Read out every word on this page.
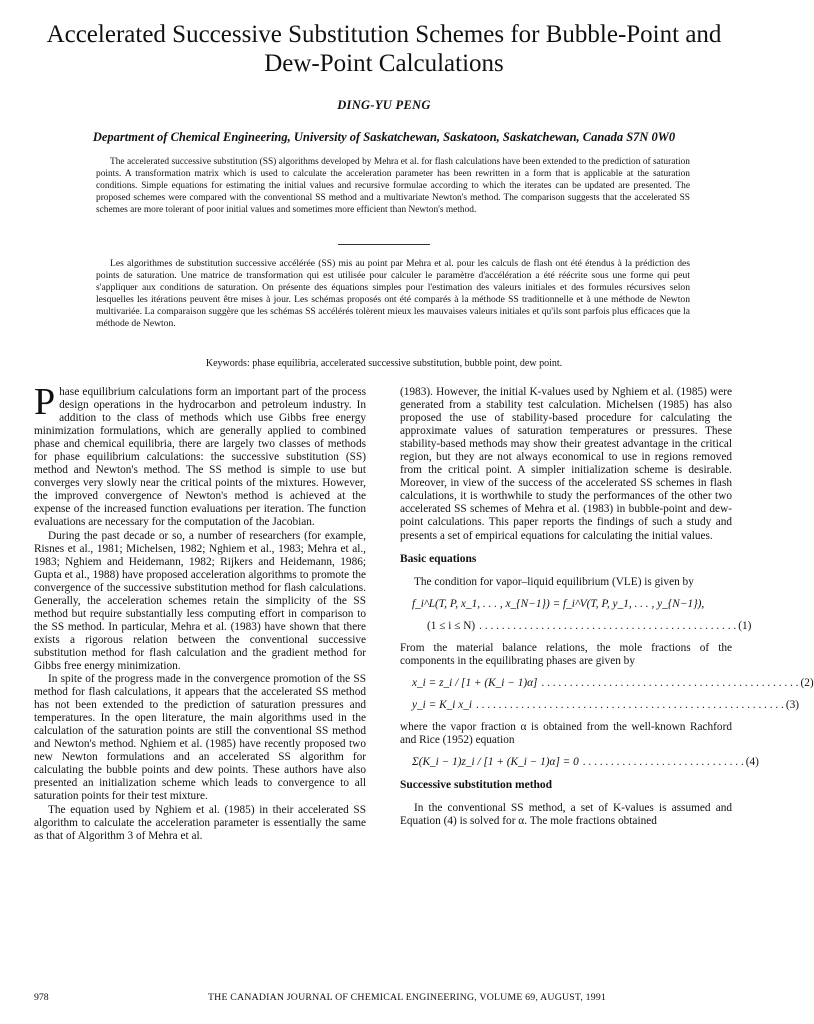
Accelerated Successive Substitution Schemes for Bubble-Point and Dew-Point Calculations
DING-YU PENG
Department of Chemical Engineering, University of Saskatchewan, Saskatoon, Saskatchewan, Canada S7N 0W0

The accelerated successive substitution (SS) algorithms developed by Mehra et al. for flash calculations have been extended to the prediction of saturation points. A transformation matrix which is used to calculate the acceleration parameter has been rewritten in a form that is applicable at the saturation conditions. Simple equations for estimating the initial values and recursive formulae according to which the iterates can be updated are presented. The proposed schemes were compared with the conventional SS method and a multivariate Newton's method. The comparison suggests that the accelerated SS schemes are more tolerant of poor initial values and sometimes more efficient than Newton's method.

Les algorithmes de substitution successive accélérée (SS) mis au point par Mehra et al. pour les calculs de flash ont été étendus à la prédiction des points de saturation. Une matrice de transformation qui est utilisée pour calculer le paramètre d'accélération a été réécrite sous une forme qui peut s'appliquer aux conditions de saturation. On présente des équations simples pour l'estimation des valeurs initiales et des formules récursives selon lesquelles les itérations peuvent être mises à jour. Les schémas proposés ont été comparés à la méthode SS traditionnelle et à une méthode de Newton multivariée. La comparaison suggère que les schémas SS accélérés tolèrent mieux les mauvaises valeurs initiales et qu'ils sont parfois plus efficaces que la méthode de Newton.

Keywords: phase equilibria, accelerated successive substitution, bubble point, dew point.

Phase equilibrium calculations form an important part of the process design operations in the hydrocarbon and petroleum industry. In addition to the class of methods which use Gibbs free energy minimization formulations, which are generally applied to combined phase and chemical equilibria, there are largely two classes of methods for phase equilibrium calculations: the successive substitution (SS) method and Newton's method. The SS method is simple to use but converges very slowly near the critical points of the mixtures. However, the improved convergence of Newton's method is achieved at the expense of the increased function evaluations per iteration. The function evaluations are necessary for the computation of the Jacobian.

During the past decade or so, a number of researchers (for example, Risnes et al., 1981; Michelsen, 1982; Nghiem et al., 1983; Mehra et al., 1983; Nghiem and Heidemann, 1982; Rijkers and Heidemann, 1986; Gupta et al., 1988) have proposed acceleration algorithms to promote the convergence of the successive substitution method for flash calculations. Generally, the acceleration schemes retain the simplicity of the SS method but require substantially less computing effort in comparison to the SS method. In particular, Mehra et al. (1983) have shown that there exists a rigorous relation between the conventional successive substitution method for flash calculation and the gradient method for Gibbs free energy minimization.

In spite of the progress made in the convergence promotion of the SS method for flash calculations, it appears that the accelerated SS method has not been extended to the prediction of saturation pressures and temperatures. In the open literature, the main algorithms used in the calculation of the saturation points are still the conventional SS method and Newton's method. Nghiem et al. (1985) have recently proposed two new Newton formulations and an accelerated SS algorithm for calculating the bubble points and dew points. These authors have also presented an initialization scheme which leads to convergence to all saturation points for their test mixture.

The equation used by Nghiem et al. (1985) in their accelerated SS algorithm to calculate the acceleration parameter is essentially the same as that of Algorithm 3 of Mehra et al.

(1983). However, the initial K-values used by Nghiem et al. (1985) were generated from a stability test calculation. Michelsen (1985) has also proposed the use of stability-based procedure for calculating the approximate values of saturation temperatures or pressures. These stability-based methods may show their greatest advantage in the critical region, but they are not always economical to use in regions removed from the critical point. A simpler initialization scheme is desirable. Moreover, in view of the success of the accelerated SS schemes in flash calculations, it is worthwhile to study the performances of the other two accelerated SS schemes of Mehra et al. (1983) in bubble-point and dew-point calculations. This paper reports the findings of such a study and presents a set of empirical equations for calculating the initial values.

Basic equations

The condition for vapor–liquid equilibrium (VLE) is given by

f_i^L(T, P, x_1, . . . , x_{N−1}) = f_i^V(T, P, y_1, . . . , y_{N−1}),
(1 ≤ i ≤ N) . . . . . . . . . . . . . . . . . . . . . . . . . . . . . . . . . . . . . . . . . . . . . . (1)

From the material balance relations, the mole fractions of the components in the equilibrating phases are given by

x_i = z_i / [1 + (K_i − 1)α] . . . . . . . . . . . . . . . . . . . . . . . . . . . . . . . . . . . . . . . . . . . . . . (2)
y_i = K_i x_i . . . . . . . . . . . . . . . . . . . . . . . . . . . . . . . . . . . . . . . . . . . . . . . . . . . . . . . (3)

where the vapor fraction α is obtained from the well-known Rachford and Rice (1952) equation

Σ(K_i − 1)z_i / [1 + (K_i − 1)α] = 0 . . . . . . . . . . . . . . . . . . . . . . . . . . . . . (4)

Successive substitution method

In the conventional SS method, a set of K-values is assumed and Equation (4) is solved for α. The mole fractions obtained

978	THE CANADIAN JOURNAL OF CHEMICAL ENGINEERING, VOLUME 69, AUGUST, 1991
